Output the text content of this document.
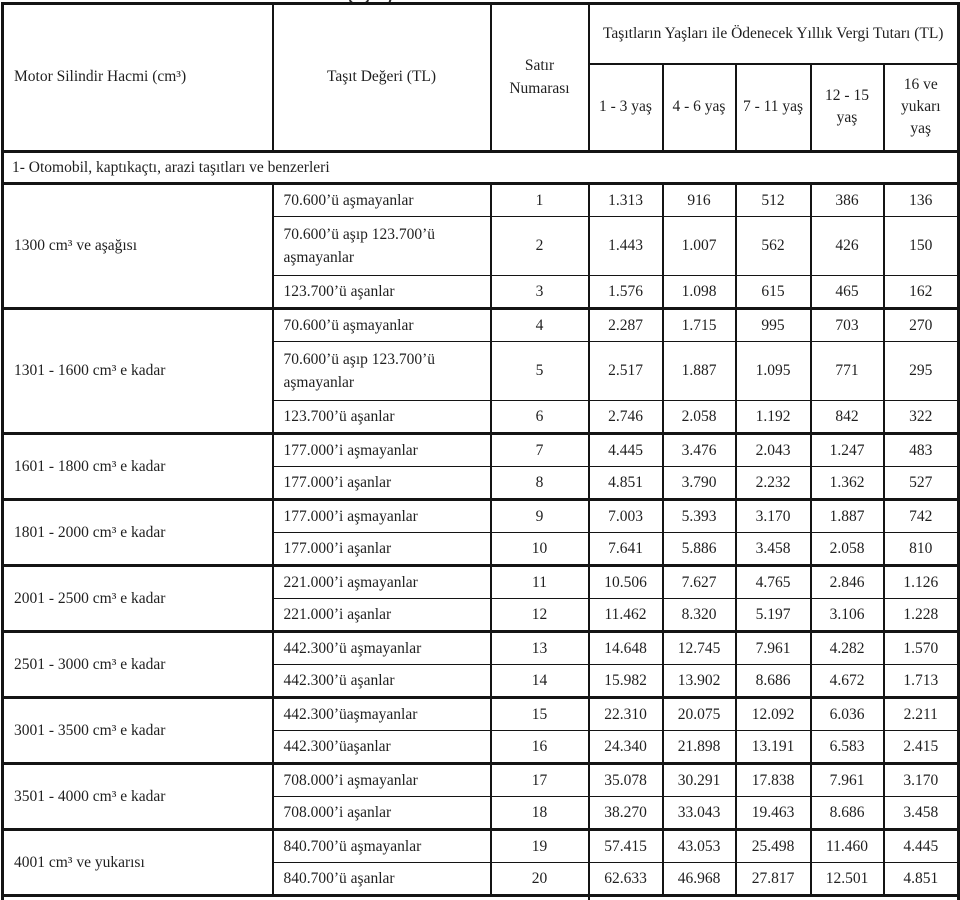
Motor Silindir Hacmi (cm³)	Taşıt Değeri (TL)	Satır Numarası	Taşıtların Yaşları ile Ödenecek Yıllık Vergi Tutarı (TL)				
			1 - 3 yaş	4 - 6 yaş	7 - 11 yaş	12 - 15 yaş	16 ve yukarı yaş
1- Otomobil, kaptıkaçtı, arazi taşıtları ve benzerleri							
1300 cm³ ve aşağısı	70.600’ü aşmayanlar	1	1.313	916	512	386	136
	70.600’ü aşıp 123.700’ü aşmayanlar	2	1.443	1.007	562	426	150
	123.700’ü aşanlar	3	1.576	1.098	615	465	162
1301 - 1600 cm³ e kadar	70.600’ü aşmayanlar	4	2.287	1.715	995	703	270
	70.600’ü aşıp 123.700’ü aşmayanlar	5	2.517	1.887	1.095	771	295
	123.700’ü aşanlar	6	2.746	2.058	1.192	842	322
1601 - 1800 cm³ e kadar	177.000’i aşmayanlar	7	4.445	3.476	2.043	1.247	483
	177.000’i aşanlar	8	4.851	3.790	2.232	1.362	527
1801 - 2000 cm³ e kadar	177.000’i aşmayanlar	9	7.003	5.393	3.170	1.887	742
	177.000’i aşanlar	10	7.641	5.886	3.458	2.058	810
2001 - 2500 cm³ e kadar	221.000’i aşmayanlar	11	10.506	7.627	4.765	2.846	1.126
	221.000’i aşanlar	12	11.462	8.320	5.197	3.106	1.228
2501 - 3000 cm³ e kadar	442.300’ü aşmayanlar	13	14.648	12.745	7.961	4.282	1.570
	442.300’ü aşanlar	14	15.982	13.902	8.686	4.672	1.713
3001 - 3500 cm³ e kadar	442.300’üaşmayanlar	15	22.310	20.075	12.092	6.036	2.211
	442.300’üaşanlar	16	24.340	21.898	13.191	6.583	2.415
3501 - 4000 cm³ e kadar	708.000’i aşmayanlar	17	35.078	30.291	17.838	7.961	3.170
	708.000’i aşanlar	18	38.270	33.043	19.463	8.686	3.458
4001 cm³ ve yukarısı	840.700’ü aşmayanlar	19	57.415	43.053	25.498	11.460	4.445
	840.700’ü aşanlar	20	62.633	46.968	27.817	12.501	4.851
